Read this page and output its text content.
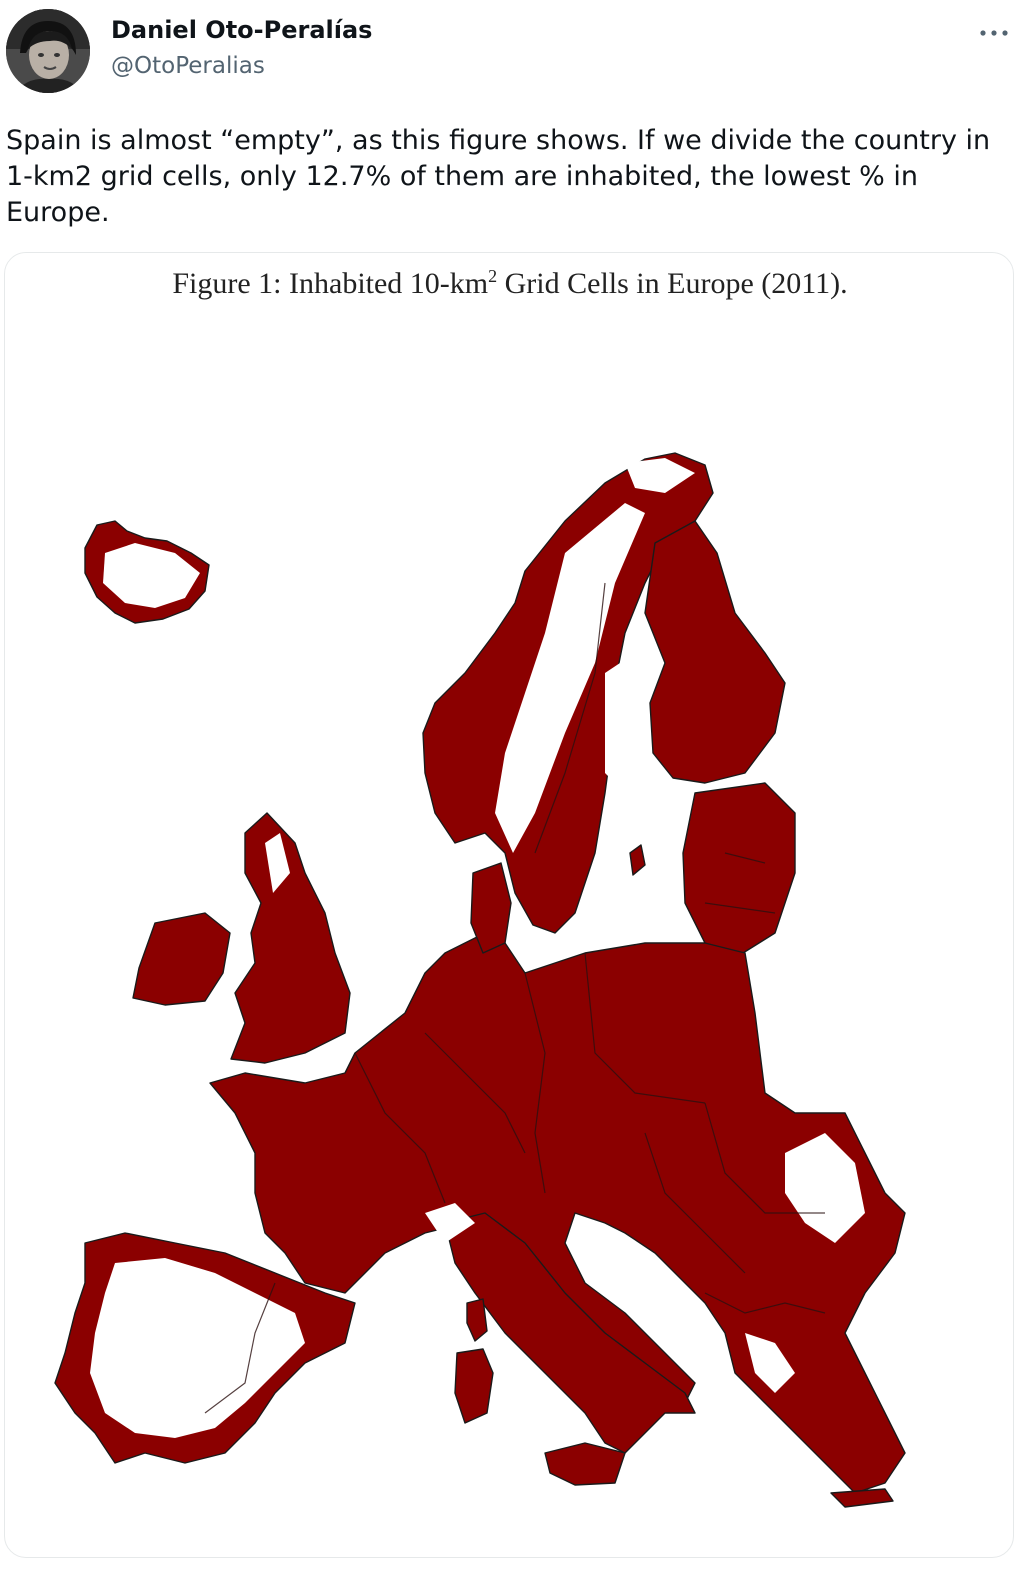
Daniel Oto-Peralías
@OtoPeralias
Spain is almost “empty”, as this figure shows. If we divide the country in 1-km2 grid cells, only 12.7% of them are inhabited, the lowest % in Europe.
Figure 1: Inhabited $10-km^2$ Grid Cells in Europe (2011).
